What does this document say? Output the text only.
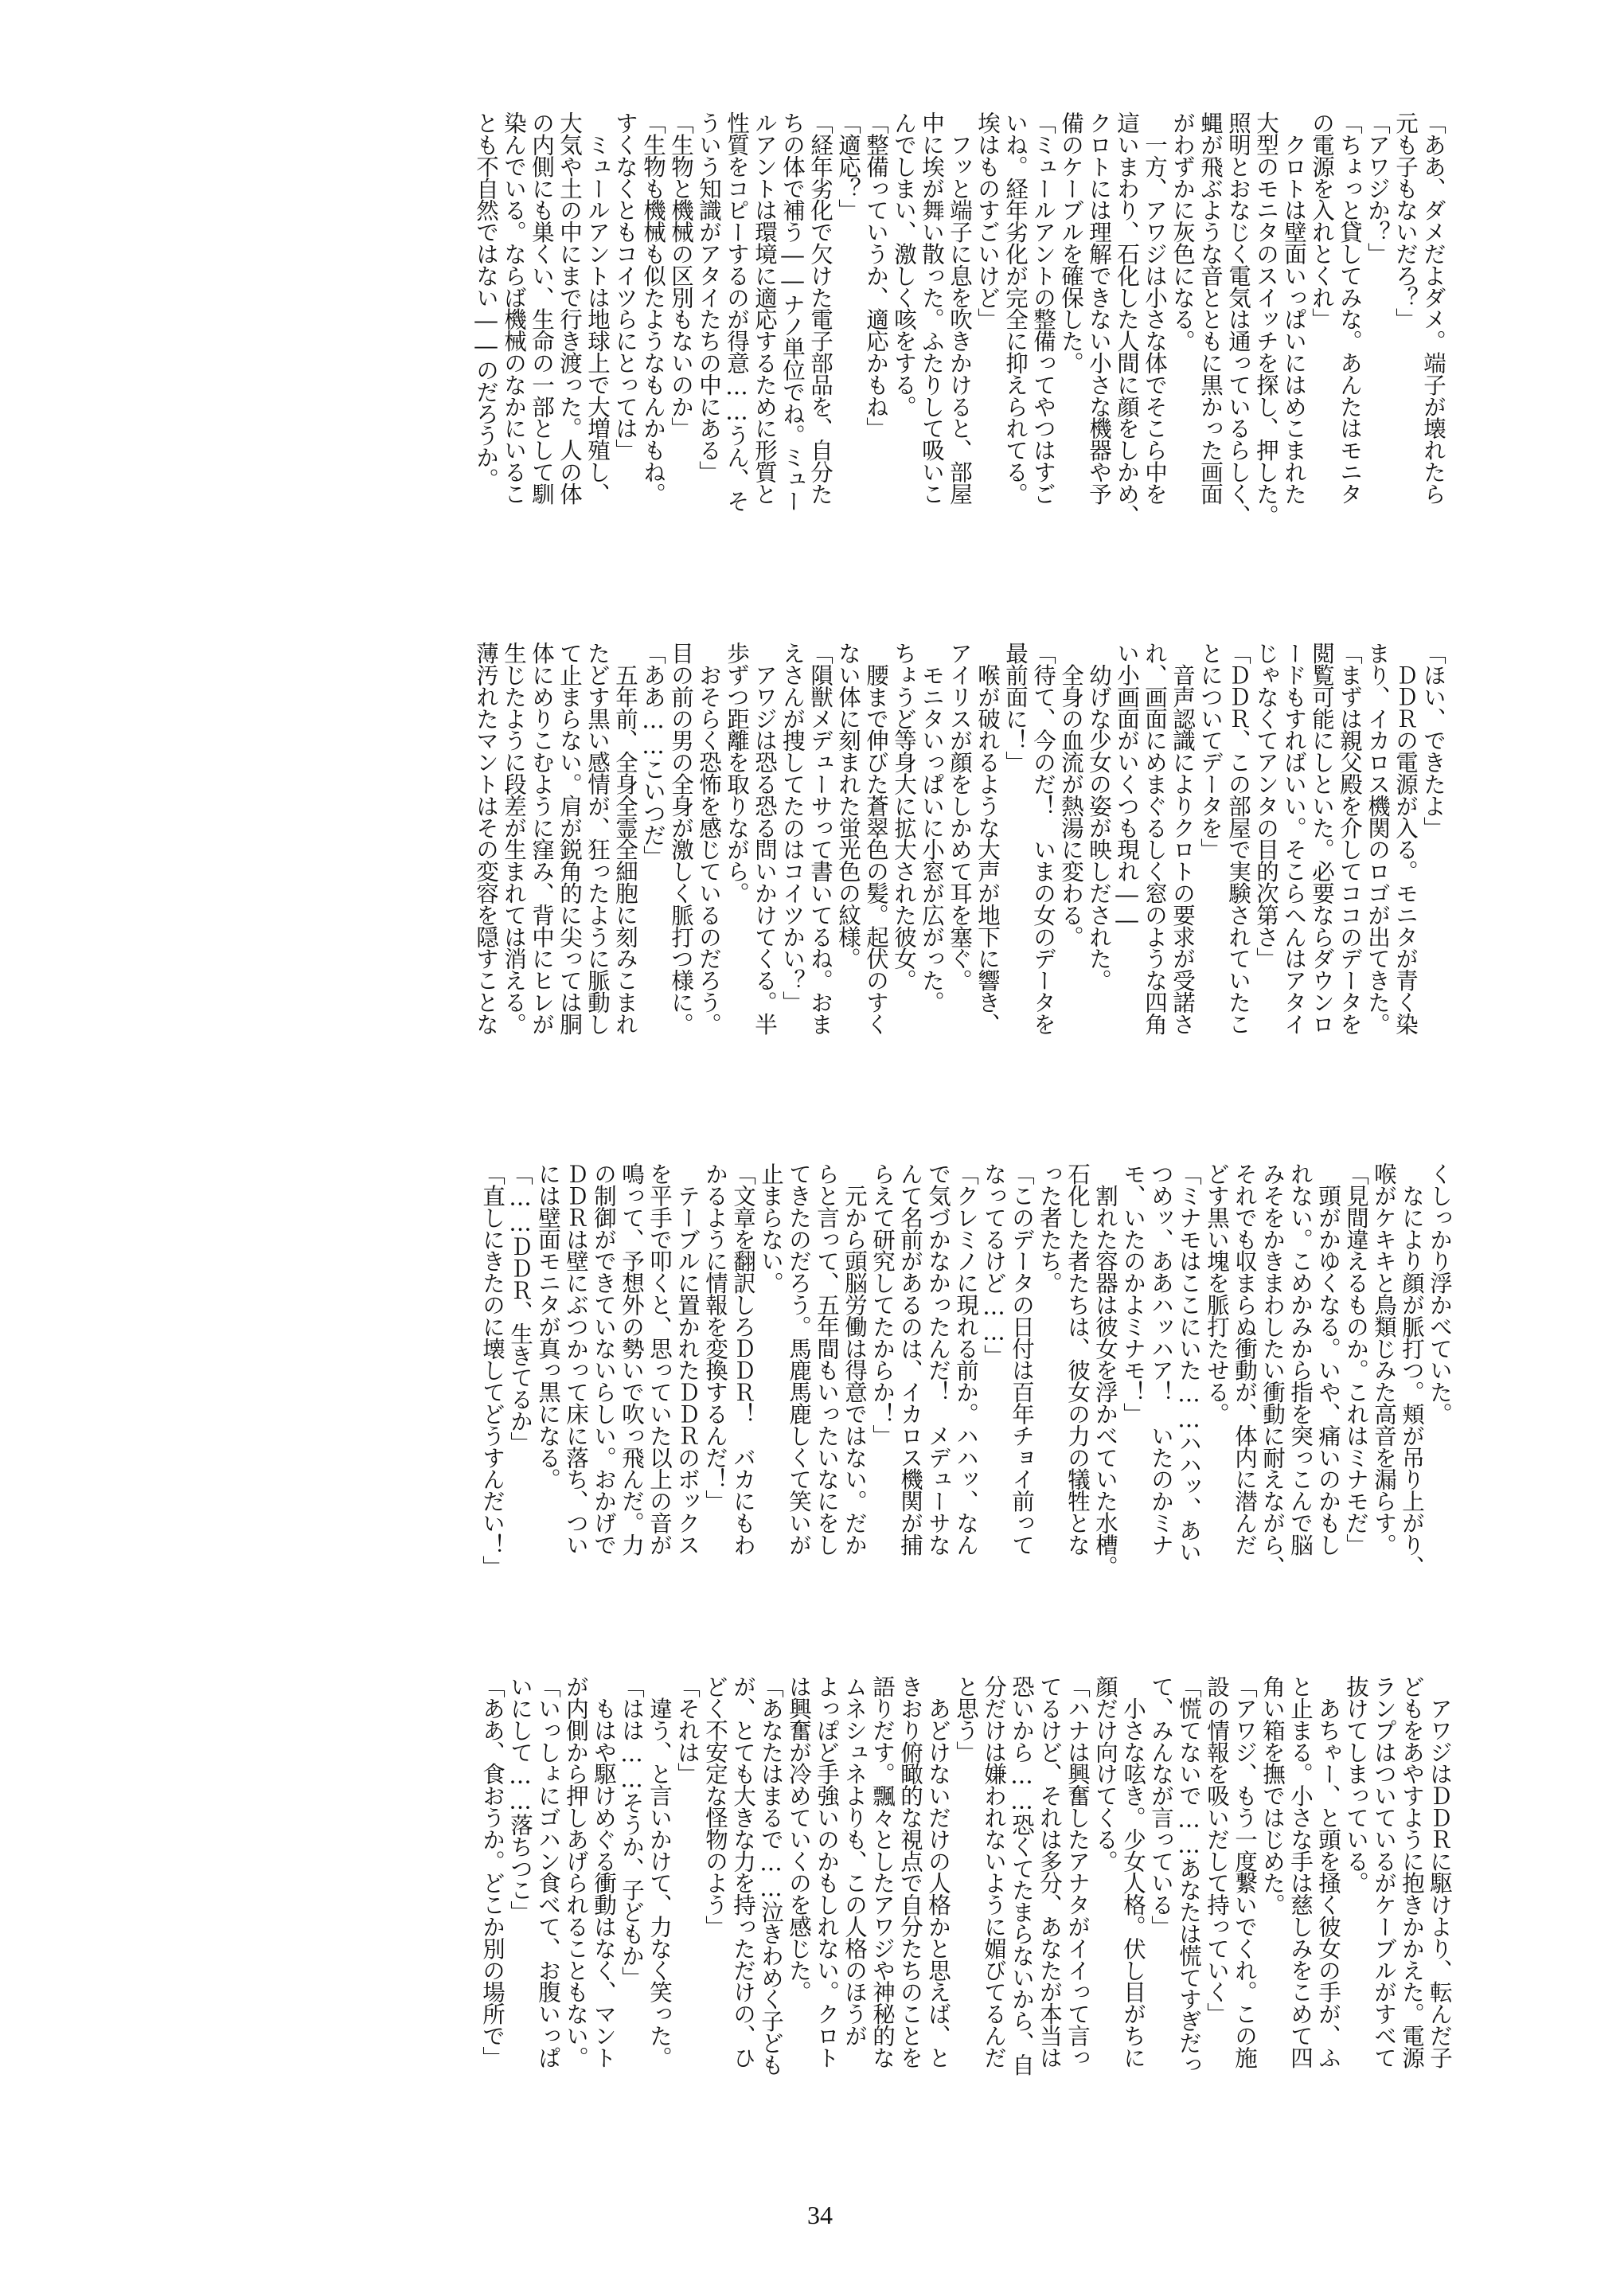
「ああ、ダメだよダメ。端子が壊れたら

元も子もないだろ？」

「アワジか？」

「ちょっと貸してみな。あんたはモニタ

の電源を入れとくれ」

　クロトは壁面いっぱいにはめこまれた

大型のモニタのスイッチを探し、押した。

照明とおなじく電気は通っているらしく、

蝿が飛ぶような音とともに黒かった画面

がわずかに灰色になる。

　一方、アワジは小さな体でそこら中を

這いまわり、石化した人間に顔をしかめ、

クロトには理解できない小さな機器や予

備のケーブルを確保した。

「ミュールアントの整備ってやつはすご

いね。経年劣化が完全に抑えられてる。

埃はものすごいけど」

　フッと端子に息を吹きかけると、部屋

中に埃が舞い散った。ふたりして吸いこ

んでしまい、激しく咳をする。

「整備っていうか、適応かもね」

「適応？」

「経年劣化で欠けた電子部品を、自分た

ちの体で補う――ナノ単位でね。ミュー

ルアントは環境に適応するために形質と

性質をコピーするのが得意……うん、そ

ういう知識がアタイたちの中にある」

「生物と機械の区別もないのか」

「生物も機械も似たようなもんかもね。

すくなくともコイツらにとっては」

　ミュールアントは地球上で大増殖し、

大気や土の中にまで行き渡った。人の体

の内側にも巣くい、生命の一部として馴

染んでいる。ならば機械のなかにいるこ

とも不自然ではない――のだろうか。

「ほい、できたよ」

　ＤＤＲの電源が入る。モニタが青く染

まり、イカロス機関のロゴが出てきた。

「まずは親父殿を介してココのデータを

閲覧可能にしといた。必要ならダウンロ

ードもすればいい。そこらへんはアタイ

じゃなくてアンタの目的次第さ」

「ＤＤＲ、この部屋で実験されていたこ

とについてデータを」

　音声認識によりクロトの要求が受諾さ

れ、画面にめまぐるしく窓のような四角

い小画面がいくつも現れ――

　幼げな少女の姿が映しだされた。

　全身の血流が熱湯に変わる。

「待て、今のだ！　いまの女のデータを

最前面に！」

　喉が破れるような大声が地下に響き、

アイリスが顔をしかめて耳を塞ぐ。

　モニタいっぱいに小窓が広がった。

ちょうど等身大に拡大された彼女。

　腰まで伸びた蒼翠色の髪。起伏のすく

ない体に刻まれた蛍光色の紋様。

「隕獣メデューサって書いてるね。おま

えさんが捜してたのはコイツかい？」

　アワジは恐る恐る問いかけてくる。半

歩ずつ距離を取りながら。

　おそらく恐怖を感じているのだろう。

目の前の男の全身が激しく脈打つ様に。

「ああ……こいつだ」

　五年前、全身全霊全細胞に刻みこまれ

たどす黒い感情が、狂ったように脈動し

て止まらない。肩が鋭角的に尖っては胴

体にめりこむように窪み、背中にヒレが

生じたように段差が生まれては消える。

薄汚れたマントはその変容を隠すことな

くしっかり浮かべていた。

　なにより顔が脈打つ。頬が吊り上がり、

喉がケキキと鳥類じみた高音を漏らす。

「見間違えるものか。これはミナモだ」

　頭がかゆくなる。いや、痛いのかもし

れない。こめかみから指を突っこんで脳

みそをかきまわしたい衝動に耐えながら、

それでも収まらぬ衝動が、体内に潜んだ

どす黒い塊を脈打たせる。

「ミナモはここにいた……ハハッ、あい

つめッ、ああハッハア！　いたのかミナ

モ、いたのかよミナモ！」

　割れた容器は彼女を浮かべていた水槽。

石化した者たちは、彼女の力の犠牲とな

った者たち。

「このデータの日付は百年チョイ前って

なってるけど……」

「クレミノに現れる前か。ハハッ、なん

で気づかなかったんだ！　メデューサな

んて名前があるのは、イカロス機関が捕

らえて研究してたからか！」

　元から頭脳労働は得意ではない。だか

らと言って、五年間もいったいなにをし

てきたのだろう。馬鹿馬鹿しくて笑いが

止まらない。

「文章を翻訳しろＤＤＲ！　バカにもわ

かるように情報を変換するんだ！」

　テーブルに置かれたＤＤＲのボックス

を平手で叩くと、思っていた以上の音が

鳴って、予想外の勢いで吹っ飛んだ。力

の制御ができていないらしい。おかげで

ＤＤＲは壁にぶつかって床に落ち、つい

には壁面モニタが真っ黒になる。

「……ＤＤＲ、生きてるか」

「直しにきたのに壊してどうすんだい！」

　アワジはＤＤＲに駆けより、転んだ子

どもをあやすように抱きかかえた。電源

ランプはついているがケーブルがすべて

抜けてしまっている。

　あちゃー、と頭を掻く彼女の手が、ふ

と止まる。小さな手は慈しみをこめて四

角い箱を撫ではじめた。

「アワジ、もう一度繋いでくれ。この施

設の情報を吸いだして持っていく」

「慌てないで……あなたは慌てすぎだっ

て、みんなが言っている」

　小さな呟き。少女人格。伏し目がちに

顔だけ向けてくる。

「ハナは興奮したアナタがイイって言っ

てるけど、それは多分、あなたが本当は

恐いから……恐くてたまらないから、自

分だけは嫌われないように媚びてるんだ

と思う」

　あどけないだけの人格かと思えば、と

きおり俯瞰的な視点で自分たちのことを

語りだす。飄々としたアワジや神秘的な

ムネシュネよりも、この人格のほうが

よっぽど手強いのかもしれない。クロト

は興奮が冷めていくのを感じた。

「あなたはまるで……泣きわめく子ども

が、とても大きな力を持っただけの、ひ

どく不安定な怪物のよう」

「それは」

　違う、と言いかけて、力なく笑った。

「はは……そうか、子どもか」

　もはや駆けめぐる衝動はなく、マント

が内側から押しあげられることもない。

「いっしょにゴハン食べて、お腹いっぱ

いにして……落ちつこ」

「ああ、食おうか。どこか別の場所で」

34
